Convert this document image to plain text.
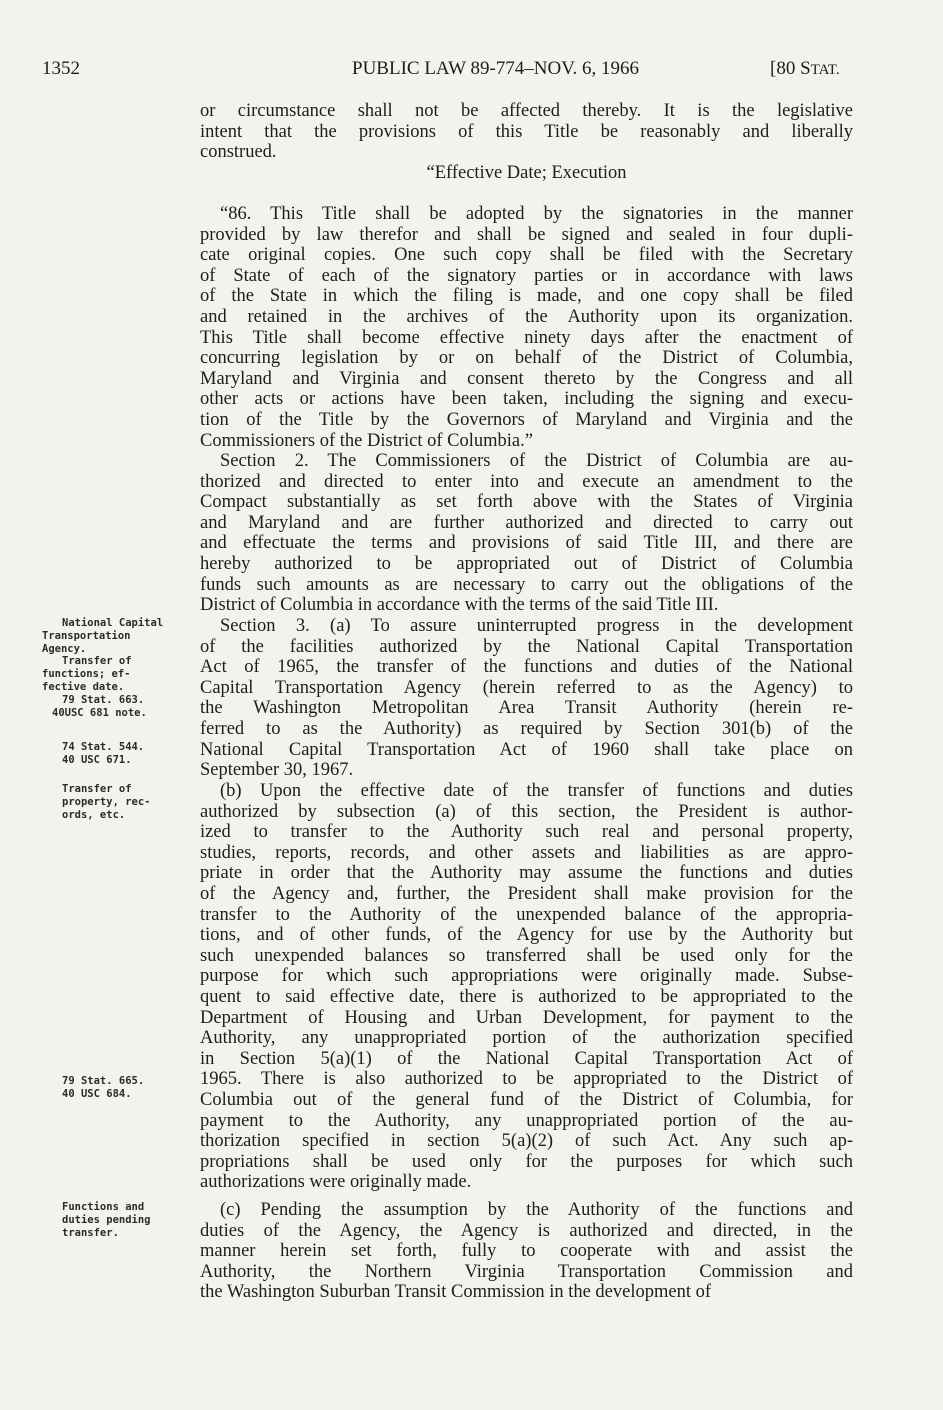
1352	PUBLIC LAW 89-774–NOV. 6, 1966	[80 STAT.

or circumstance shall not be affected thereby. It is the legislative

intent that the provisions of this Title be reasonably and liberally

construed.

“Effective Date; Execution

“86. This Title shall be adopted by the signatories in the manner

provided by law therefor and shall be signed and sealed in four dupli-

cate original copies. One such copy shall be filed with the Secretary

of State of each of the signatory parties or in accordance with laws

of the State in which the filing is made, and one copy shall be filed

and retained in the archives of the Authority upon its organization.

This Title shall become effective ninety days after the enactment of

concurring legislation by or on behalf of the District of Columbia,

Maryland and Virginia and consent thereto by the Congress and all

other acts or actions have been taken, including the signing and execu-

tion of the Title by the Governors of Maryland and Virginia and the

Commissioners of the District of Columbia.”

Section 2. The Commissioners of the District of Columbia are au-

thorized and directed to enter into and execute an amendment to the

Compact substantially as set forth above with the States of Virginia

and Maryland and are further authorized and directed to carry out

and effectuate the terms and provisions of said Title III, and there are

hereby authorized to be appropriated out of District of Columbia

funds such amounts as are necessary to carry out the obligations of the

District of Columbia in accordance with the terms of the said Title III.

Section 3. (a) To assure uninterrupted progress in the development

of the facilities authorized by the National Capital Transportation

Act of 1965, the transfer of the functions and duties of the National

Capital Transportation Agency (herein referred to as the Agency) to

the Washington Metropolitan Area Transit Authority (herein re-

ferred to as the Authority) as required by Section 301(b) of the

National Capital Transportation Act of 1960 shall take place on

September 30, 1967.

(b) Upon the effective date of the transfer of functions and duties

authorized by subsection (a) of this section, the President is author-

ized to transfer to the Authority such real and personal property,

studies, reports, records, and other assets and liabilities as are appro-

priate in order that the Authority may assume the functions and duties

of the Agency and, further, the President shall make provision for the

transfer to the Authority of the unexpended balance of the appropria-

tions, and of other funds, of the Agency for use by the Authority but

such unexpended balances so transferred shall be used only for the

purpose for which such appropriations were originally made. Subse-

quent to said effective date, there is authorized to be appropriated to the

Department of Housing and Urban Development, for payment to the

Authority, any unappropriated portion of the authorization specified

in Section 5(a)(1) of the National Capital Transportation Act of

1965. There is also authorized to be appropriated to the District of

Columbia out of the general fund of the District of Columbia, for

payment to the Authority, any unappropriated portion of the au-

thorization specified in section 5(a)(2) of such Act. Any such ap-

propriations shall be used only for the purposes for which such

authorizations were originally made.

(c) Pending the assumption by the Authority of the functions and

duties of the Agency, the Agency is authorized and directed, in the

manner herein set forth, fully to cooperate with and assist the

Authority, the Northern Virginia Transportation Commission and

the Washington Suburban Transit Commission in the development of

National Capital
Transportation
Agency.
Transfer of
functions; ef-
fective date.
79 Stat. 663.
40USC 681 note.
74 Stat. 544.
40 USC 671.
Transfer of
property, rec-
ords, etc.
79 Stat. 665.
40 USC 684.
Functions and
duties pending
transfer.
